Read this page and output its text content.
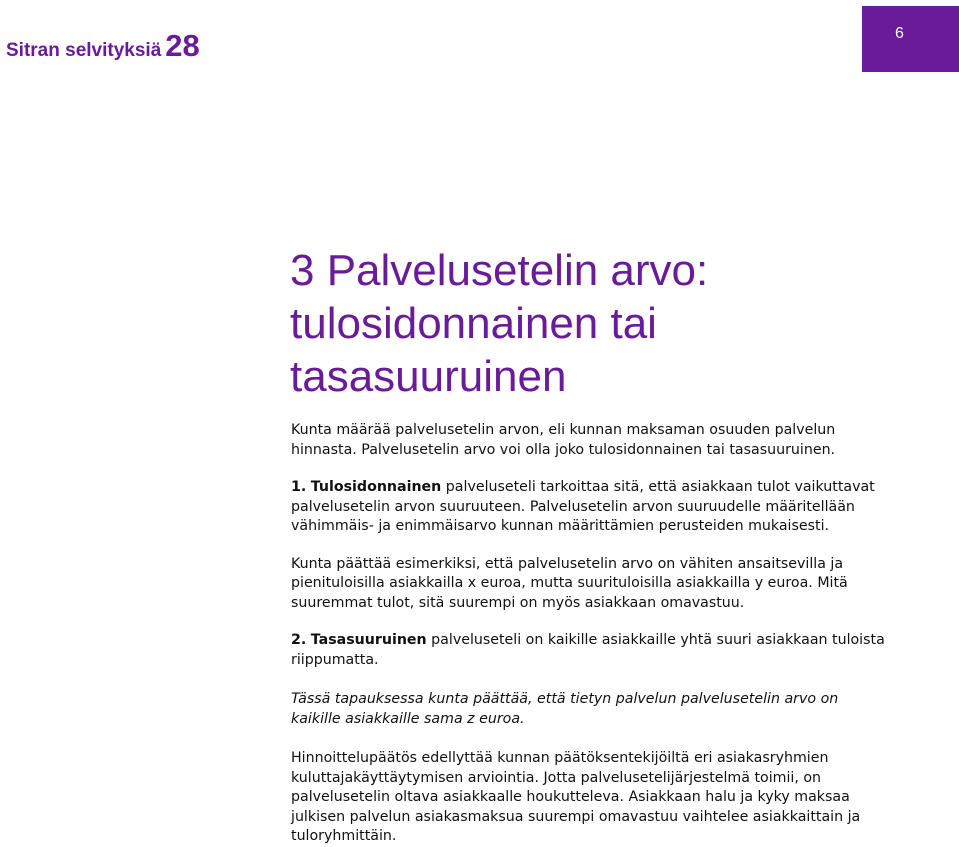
Sitran selvityksiä 28	6
3 Palvelusetelin arvo:
tulosidonnainen tai
tasasuuruinen

Kunta määrää palvelusetelin arvon, eli kunnan maksaman osuuden palvelun
hinnasta. Palvelusetelin arvo voi olla joko tulosidonnainen tai tasasuuruinen.

1. Tulosidonnainen palveluseteli tarkoittaa sitä, että asiakkaan tulot vaikuttavat
palvelusetelin arvon suuruuteen. Palvelusetelin arvon suuruudelle määritellään
vähimmäis- ja enimmäisarvo kunnan määrittämien perusteiden mukaisesti.

Kunta päättää esimerkiksi, että palvelusetelin arvo on vähiten ansaitsevilla ja
pienituloisilla asiakkailla x euroa, mutta suurituloisilla asiakkailla y euroa. Mitä
suuremmat tulot, sitä suurempi on myös asiakkaan omavastuu.

2. Tasasuuruinen palveluseteli on kaikille asiakkaille yhtä suuri asiakkaan tuloista
riippumatta.

Tässä tapauksessa kunta päättää, että tietyn palvelun palvelusetelin arvo on
kaikille asiakkaille sama z euroa.

Hinnoittelupäätös edellyttää kunnan päätöksentekijöiltä eri asiakasryhmien
kuluttajakäyttäytymisen arviointia. Jotta palvelusetelijärjestelmä toimii, on
palvelusetelin oltava asiakkaalle houkutteleva. Asiakkaan halu ja kyky maksaa
julkisen palvelun asiakasmaksua suurempi omavastuu vaihtelee asiakkaittain ja
tuloryhmittäin.
